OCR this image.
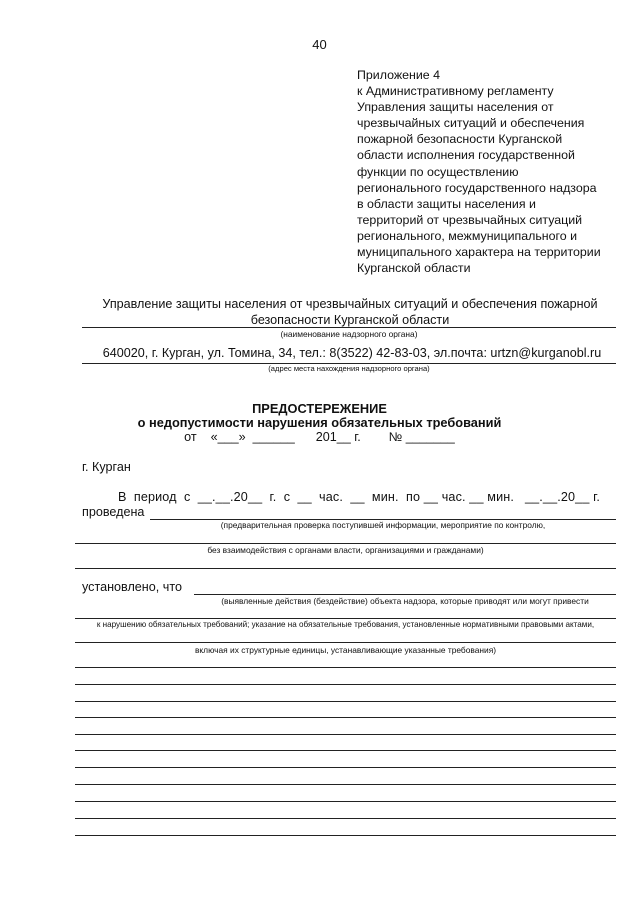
40
Приложение 4
к Административному регламенту
Управления защиты населения от
чрезвычайных ситуаций и обеспечения
пожарной безопасности Курганской
области исполнения государственной
функции по осуществлению
регионального государственного надзора
в области защиты населения и
территорий от чрезвычайных ситуаций
регионального, межмуниципального и
муниципального характера на территории
Курганской области
Управление защиты населения от чрезвычайных ситуаций и обеспечения пожарной
безопасности Курганской области
(наименование надзорного органа)
640020, г. Курган, ул. Томина, 34, тел.: 8(3522) 42-83-03, эл.почта: urtzn@kurganobl.ru
(адрес места нахождения надзорного органа)
ПРЕДОСТЕРЕЖЕНИЕ
о недопустимости нарушения обязательных требований
от    «___»  ______      201__ г.        № _______
г. Курган
В  период  с  __.__.20__  г.  с  __  час.  __  мин.  по __ час. __ мин.   __.__.20__ г.
проведена
(предварительная проверка поступившей информации, мероприятие по контролю,
без взаимодействия с органами власти, организациями и гражданами)
установлено, что
(выявленные действия (бездействие) объекта надзора, которые приводят или могут привести
к нарушению обязательных требований; указание на обязательные требования, установленные нормативными правовыми актами,
включая их структурные единицы, устанавливающие указанные требования)
